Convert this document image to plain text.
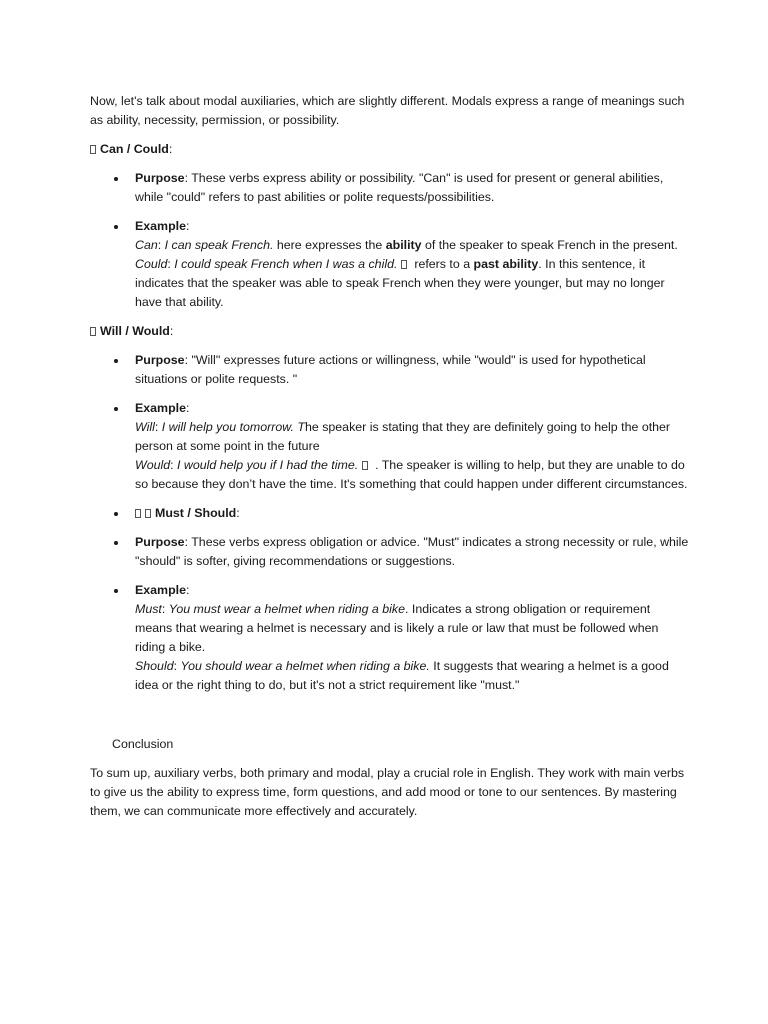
Now, let's talk about modal auxiliaries, which are slightly different. Modals express a range of meanings such as ability, necessity, permission, or possibility.

Can / Could:

Purpose: These verbs express ability or possibility. "Can" is used for present or general abilities, while "could" refers to past abilities or polite requests/possibilities.
Example:
Can: I can speak French. here expresses the ability of the speaker to speak French in the present.
Could: I could speak French when I was a child.  refers to a past ability. In this sentence, it indicates that the speaker was able to speak French when they were younger, but may no longer have that ability.

Will / Would:

Purpose: "Will" expresses future actions or willingness, while "would" is used for hypothetical situations or polite requests. "
Example:
Will: I will help you tomorrow. The speaker is stating that they are definitely going to help the other person at some point in the future
Would: I would help you if I had the time.  . The speaker is willing to help, but they are unable to do so because they don’t have the time. It's something that could happen under different circumstances.
Must / Should:
Purpose: These verbs express obligation or advice. "Must" indicates a strong necessity or rule, while "should" is softer, giving recommendations or suggestions.
Example:
Must: You must wear a helmet when riding a bike. Indicates a strong obligation or requirement means that wearing a helmet is necessary and is likely a rule or law that must be followed when riding a bike.
Should: You should wear a helmet when riding a bike. It suggests that wearing a helmet is a good idea or the right thing to do, but it's not a strict requirement like "must."

Conclusion

To sum up, auxiliary verbs, both primary and modal, play a crucial role in English. They work with main verbs to give us the ability to express time, form questions, and add mood or tone to our sentences. By mastering them, we can communicate more effectively and accurately.
